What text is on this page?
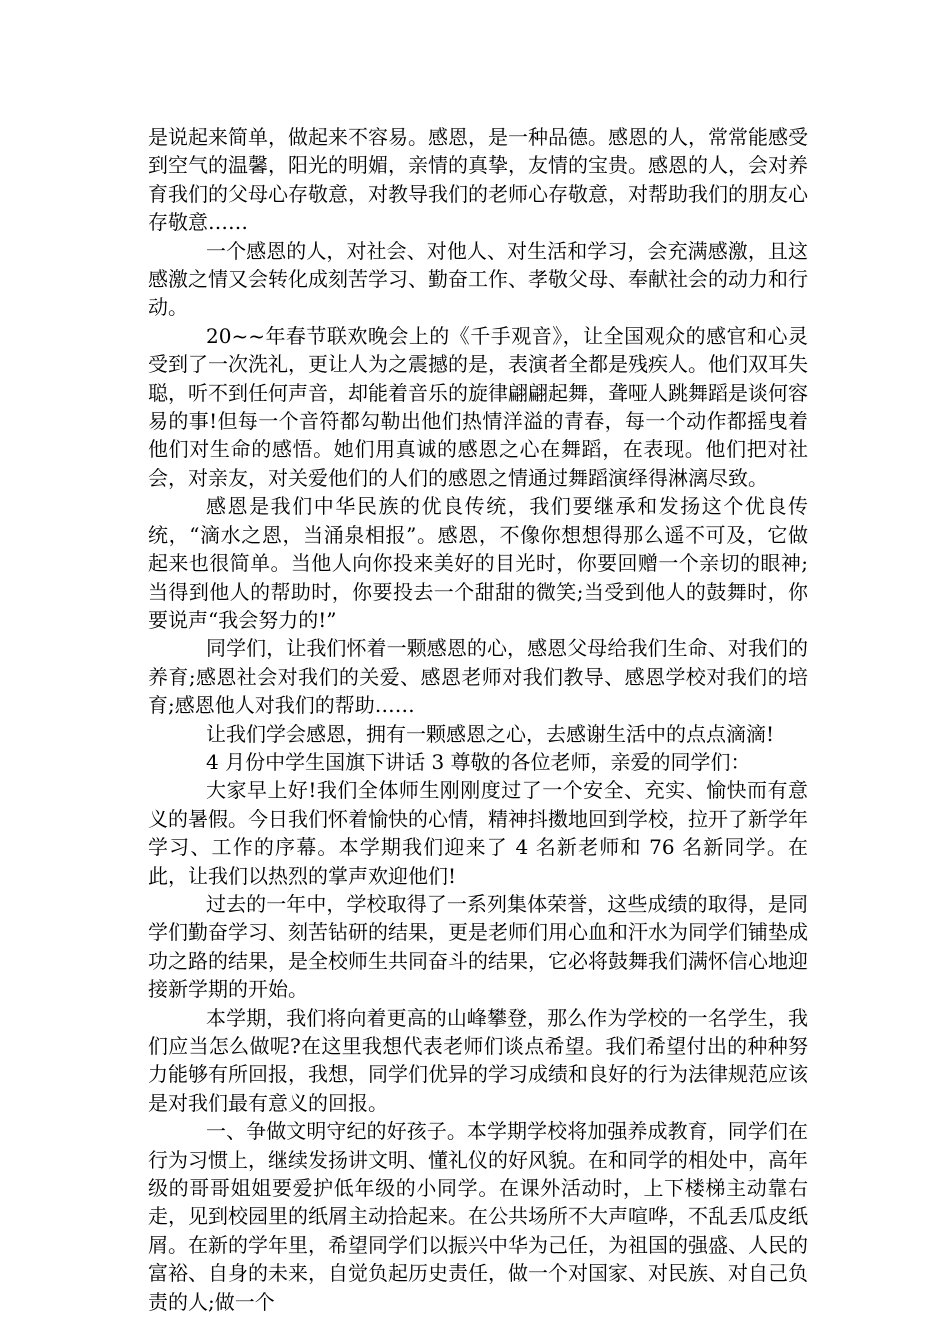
是说起来简单，做起来不容易。感恩，是一种品德。感恩的人，常常能感受到空气的温馨，阳光的明媚，亲情的真挚，友情的宝贵。感恩的人，会对养育我们的父母心存敬意，对教导我们的老师心存敬意，对帮助我们的朋友心存敬意……

一个感恩的人，对社会、对他人、对生活和学习，会充满感激，且这感激之情又会转化成刻苦学习、勤奋工作、孝敬父母、奉献社会的动力和行动。

20~~年春节联欢晚会上的《千手观音》，让全国观众的感官和心灵受到了一次洗礼，更让人为之震撼的是，表演者全都是残疾人。他们双耳失聪，听不到任何声音，却能着音乐的旋律翩翩起舞，聋哑人跳舞蹈是谈何容易的事!但每一个音符都勾勒出他们热情洋溢的青春，每一个动作都摇曳着他们对生命的感悟。她们用真诚的感恩之心在舞蹈，在表现。他们把对社会，对亲友，对关爱他们的人们的感恩之情通过舞蹈演绎得淋漓尽致。

感恩是我们中华民族的优良传统，我们要继承和发扬这个优良传统，“滴水之恩，当涌泉相报”。感恩，不像你想想得那么遥不可及，它做起来也很简单。当他人向你投来美好的目光时，你要回赠一个亲切的眼神;当得到他人的帮助时，你要投去一个甜甜的微笑;当受到他人的鼓舞时，你要说声“我会努力的!”

同学们，让我们怀着一颗感恩的心，感恩父母给我们生命、对我们的养育;感恩社会对我们的关爱、感恩老师对我们教导、感恩学校对我们的培育;感恩他人对我们的帮助……

让我们学会感恩，拥有一颗感恩之心，去感谢生活中的点点滴滴!

4 月份中学生国旗下讲话 3 尊敬的各位老师，亲爱的同学们：

大家早上好!我们全体师生刚刚度过了一个安全、充实、愉快而有意义的暑假。今日我们怀着愉快的心情，精神抖擞地回到学校，拉开了新学年学习、工作的序幕。本学期我们迎来了 4 名新老师和 76 名新同学。在此，让我们以热烈的掌声欢迎他们!

过去的一年中，学校取得了一系列集体荣誉，这些成绩的取得，是同学们勤奋学习、刻苦钻研的结果，更是老师们用心血和汗水为同学们铺垫成功之路的结果，是全校师生共同奋斗的结果，它必将鼓舞我们满怀信心地迎接新学期的开始。

本学期，我们将向着更高的山峰攀登，那么作为学校的一名学生，我们应当怎么做呢?在这里我想代表老师们谈点希望。我们希望付出的种种努力能够有所回报，我想，同学们优异的学习成绩和良好的行为法律规范应该是对我们最有意义的回报。

一、争做文明守纪的好孩子。本学期学校将加强养成教育，同学们在行为习惯上，继续发扬讲文明、懂礼仪的好风貌。在和同学的相处中，高年级的哥哥姐姐要爱护低年级的小同学。在课外活动时，上下楼梯主动靠右走，见到校园里的纸屑主动拾起来。在公共场所不大声喧哗，不乱丢瓜皮纸屑。在新的学年里，希望同学们以振兴中华为己任，为祖国的强盛、人民的富裕、自身的未来，自觉负起历史责任，做一个对国家、对民族、对自己负责的人;做一个
